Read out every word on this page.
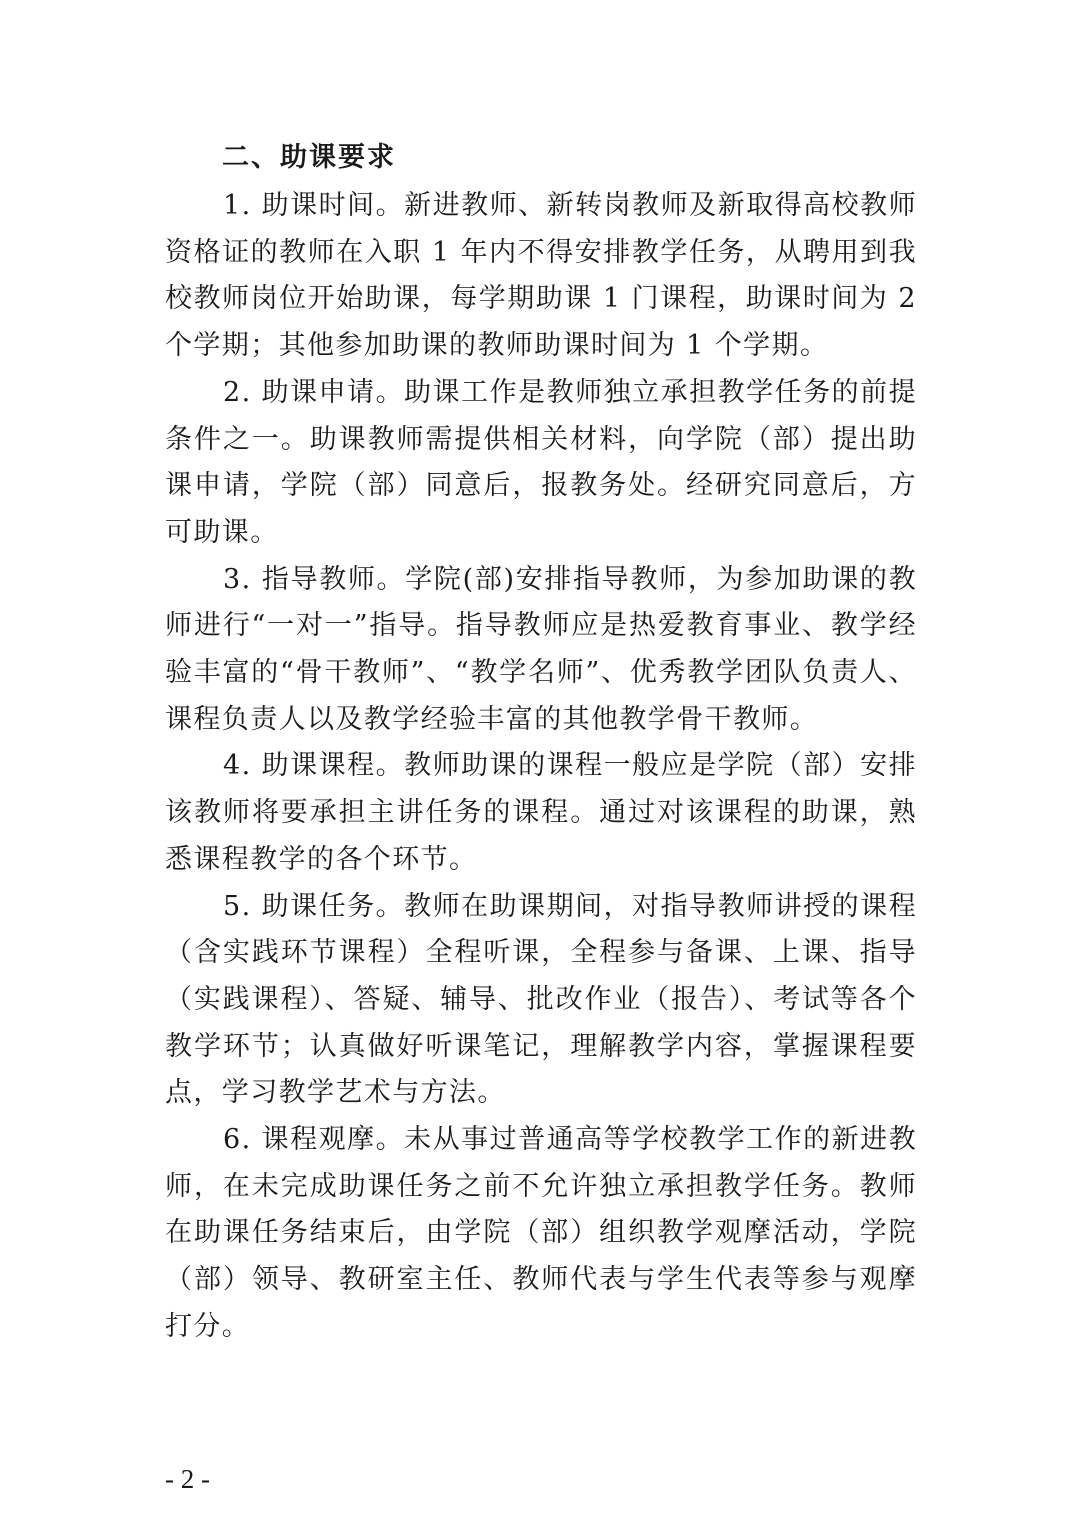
二、助课要求

1. 助课时间。新进教师、新转岗教师及新取得高校教师资格证的教师在入职 1 年内不得安排教学任务，从聘用到我校教师岗位开始助课，每学期助课 1 门课程，助课时间为 2 个学期；其他参加助课的教师助课时间为 1 个学期。

2. 助课申请。助课工作是教师独立承担教学任务的前提条件之一。助课教师需提供相关材料，向学院（部）提出助课申请，学院（部）同意后，报教务处。经研究同意后，方可助课。

3. 指导教师。学院(部)安排指导教师，为参加助课的教师进行“一对一”指导。指导教师应是热爱教育事业、教学经验丰富的“骨干教师”、“教学名师”、优秀教学团队负责人、课程负责人以及教学经验丰富的其他教学骨干教师。

4. 助课课程。教师助课的课程一般应是学院（部）安排该教师将要承担主讲任务的课程。通过对该课程的助课，熟悉课程教学的各个环节。

5. 助课任务。教师在助课期间，对指导教师讲授的课程（含实践环节课程）全程听课，全程参与备课、上课、指导（实践课程）、答疑、辅导、批改作业（报告）、考试等各个教学环节；认真做好听课笔记，理解教学内容，掌握课程要点，学习教学艺术与方法。

6. 课程观摩。未从事过普通高等学校教学工作的新进教师，在未完成助课任务之前不允许独立承担教学任务。教师在助课任务结束后，由学院（部）组织教学观摩活动，学院（部）领导、教研室主任、教师代表与学生代表等参与观摩打分。

- 2 -
